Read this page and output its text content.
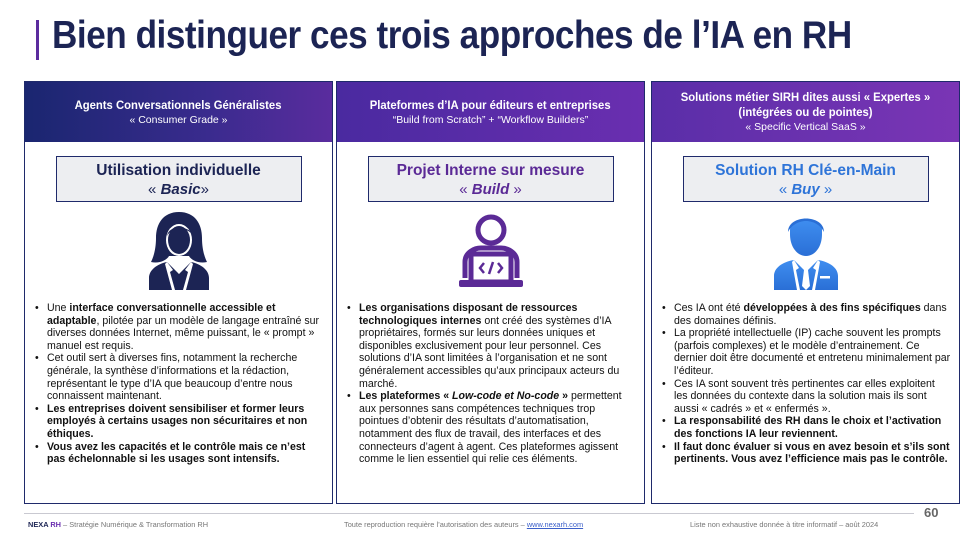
Bien distinguer ces trois approches de l’IA en RH
Agents Conversationnels Généralistes
« Consumer Grade »
Utilisation individuelle
« Basic»
• Une interface conversationnelle accessible et adaptable, pilotée par un modèle de langage entraîné sur diverses données Internet, même puissant, le « prompt » manuel est requis.
• Cet outil sert à diverses fins, notamment la recherche générale, la synthèse d’informations et la rédaction, représentant le type d’IA que beaucoup d’entre nous connaissent maintenant.
• Les entreprises doivent sensibiliser et former leurs employés à certains usages non sécuritaires et non éthiques.
• Vous avez les capacités et le contrôle mais ce n’est pas échelonnable si les usages sont intensifs.
Plateformes d’IA pour éditeurs et entreprises
“Build from Scratch” + “Workflow Builders”
Projet Interne sur mesure
« Build »
• Les organisations disposant de ressources technologiques internes ont créé des systèmes d’IA propriétaires, formés sur leurs données uniques et disponibles exclusivement pour leur personnel. Ces solutions d’IA sont limitées à l’organisation et ne sont généralement accessibles qu’aux principaux acteurs du marché.
• Les plateformes « Low-code et No-code » permettent aux personnes sans compétences techniques trop pointues d’obtenir des résultats d’automatisation, notamment des flux de travail, des interfaces et des connecteurs d’agent à agent. Ces plateformes agissent comme le lien essentiel qui relie ces éléments.
Solutions métier SIRH dites aussi « Expertes » (intégrées ou de pointes)
« Specific Vertical SaaS »
Solution RH Clé-en-Main
« Buy »
• Ces IA ont été développées à des fins spécifiques dans des domaines définis.
• La propriété intellectuelle (IP) cache souvent les prompts (parfois complexes) et le modèle d’entrainement. Ce dernier doit être documenté et entretenu minimalement par l’éditeur.
• Ces IA sont souvent très pertinentes car elles exploitent les données du contexte dans la solution mais ils sont aussi « cadrés » et « enfermés ».
• La responsabilité des RH dans le choix et l’activation des fonctions IA leur reviennent.
• Il faut donc évaluer si vous en avez besoin et s’ils sont pertinents. Vous avez l’efficience mais pas le contrôle.
60
NEXA RH – Stratégie Numérique & Transformation RH	Toute reproduction requière l’autorisation des auteurs – www.nexarh.com	Liste non exhaustive donnée à titre informatif – août 2024
